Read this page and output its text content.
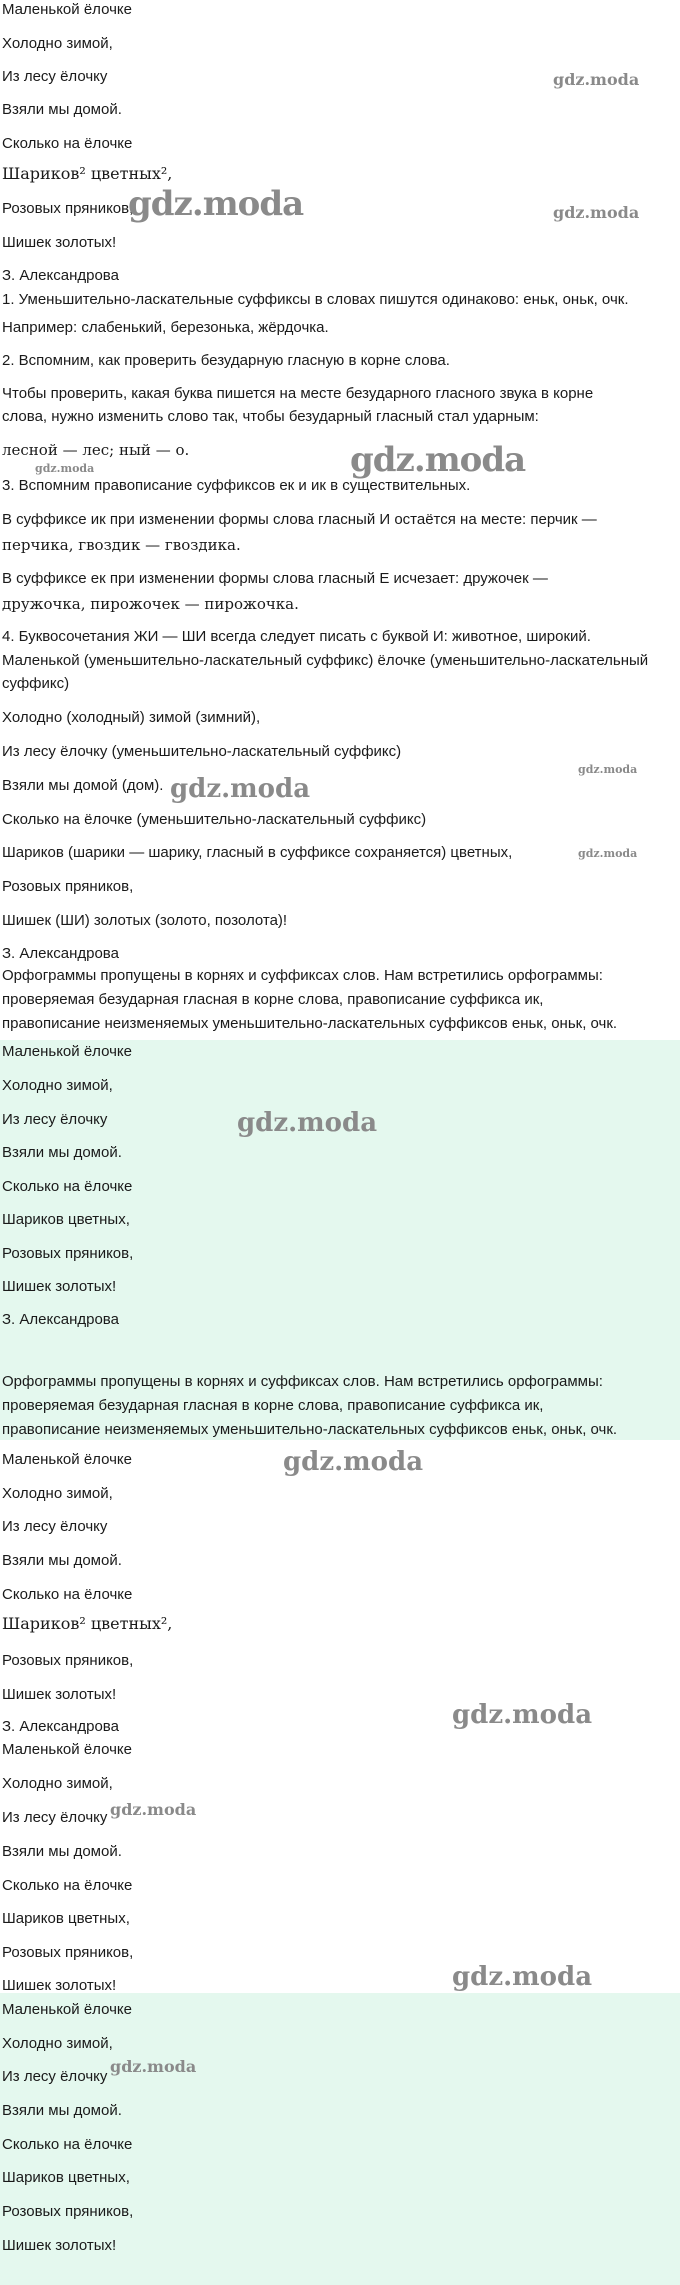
Маленькой ёлочке
Холодно зимой,
Из лесу ёлочку
Взяли мы домой.
Сколько на ёлочке
Шариков² цветных²,
Розовых пряников,
Шишек золотых!
З. Александрова
1. Уменьшительно-ласкательные суффиксы в словах пишутся одинаково: еньк, оньк, очк.
Например: слабенький, березонька, жёрдочка.
2. Вспомним, как проверить безударную гласную в корне слова.
Чтобы проверить, какая буква пишется на месте безударного гласного звука в корне
слова, нужно изменить слово так, чтобы безударный гласный стал ударным:
лесной — лес; ный — о.
3. Вспомним правописание суффиксов ек и ик в существительных.
В суффиксе ик при изменении формы слова гласный И остаётся на месте: перчик —
перчика, гвоздик — гвоздика.
В суффиксе ек при изменении формы слова гласный Е исчезает: дружочек —
дружочка, пирожочек — пирожочка.
4. Буквосочетания ЖИ — ШИ всегда следует писать с буквой И: животное, широкий.
Маленькой (уменьшительно-ласкательный суффикс) ёлочке (уменьшительно-ласкательный
суффикс)
Холодно (холодный) зимой (зимний),
Из лесу ёлочку (уменьшительно-ласкательный суффикс)
Взяли мы домой (дом).
Сколько на ёлочке (уменьшительно-ласкательный суффикс)
Шариков (шарики — шарику, гласный в суффиксе сохраняется) цветных,
Розовых пряников,
Шишек (ШИ) золотых (золото, позолота)!
З. Александрова
Орфограммы пропущены в корнях и суффиксах слов. Нам встретились орфограммы:
проверяемая безударная гласная в корне слова, правописание суффикса ик,
правописание неизменяемых уменьшительно-ласкательных суффиксов еньк, оньк, очк.
Маленькой ёлочке
Холодно зимой,
Из лесу ёлочку
Взяли мы домой.
Сколько на ёлочке
Шариков цветных,
Розовых пряников,
Шишек золотых!
З. Александрова
Орфограммы пропущены в корнях и суффиксах слов. Нам встретились орфограммы:
проверяемая безударная гласная в корне слова, правописание суффикса ик,
правописание неизменяемых уменьшительно-ласкательных суффиксов еньк, оньк, очк.
Маленькой ёлочке
Холодно зимой,
Из лесу ёлочку
Взяли мы домой.
Сколько на ёлочке
Шариков² цветных²,
Розовых пряников,
Шишек золотых!
З. Александрова
Маленькой ёлочке
Холодно зимой,
Из лесу ёлочку
Взяли мы домой.
Сколько на ёлочке
Шариков цветных,
Розовых пряников,
Шишек золотых!
Маленькой ёлочке
Холодно зимой,
Из лесу ёлочку
Взяли мы домой.
Сколько на ёлочке
Шариков цветных,
Розовых пряников,
Шишек золотых!
gdz.moda
gdz.moda	gdz.moda
gdz.moda
gdz.moda
gdz.moda
gdz.moda
gdz.moda
gdz.moda
gdz.moda
gdz.moda
gdz.moda
gdz.moda
gdz.moda
